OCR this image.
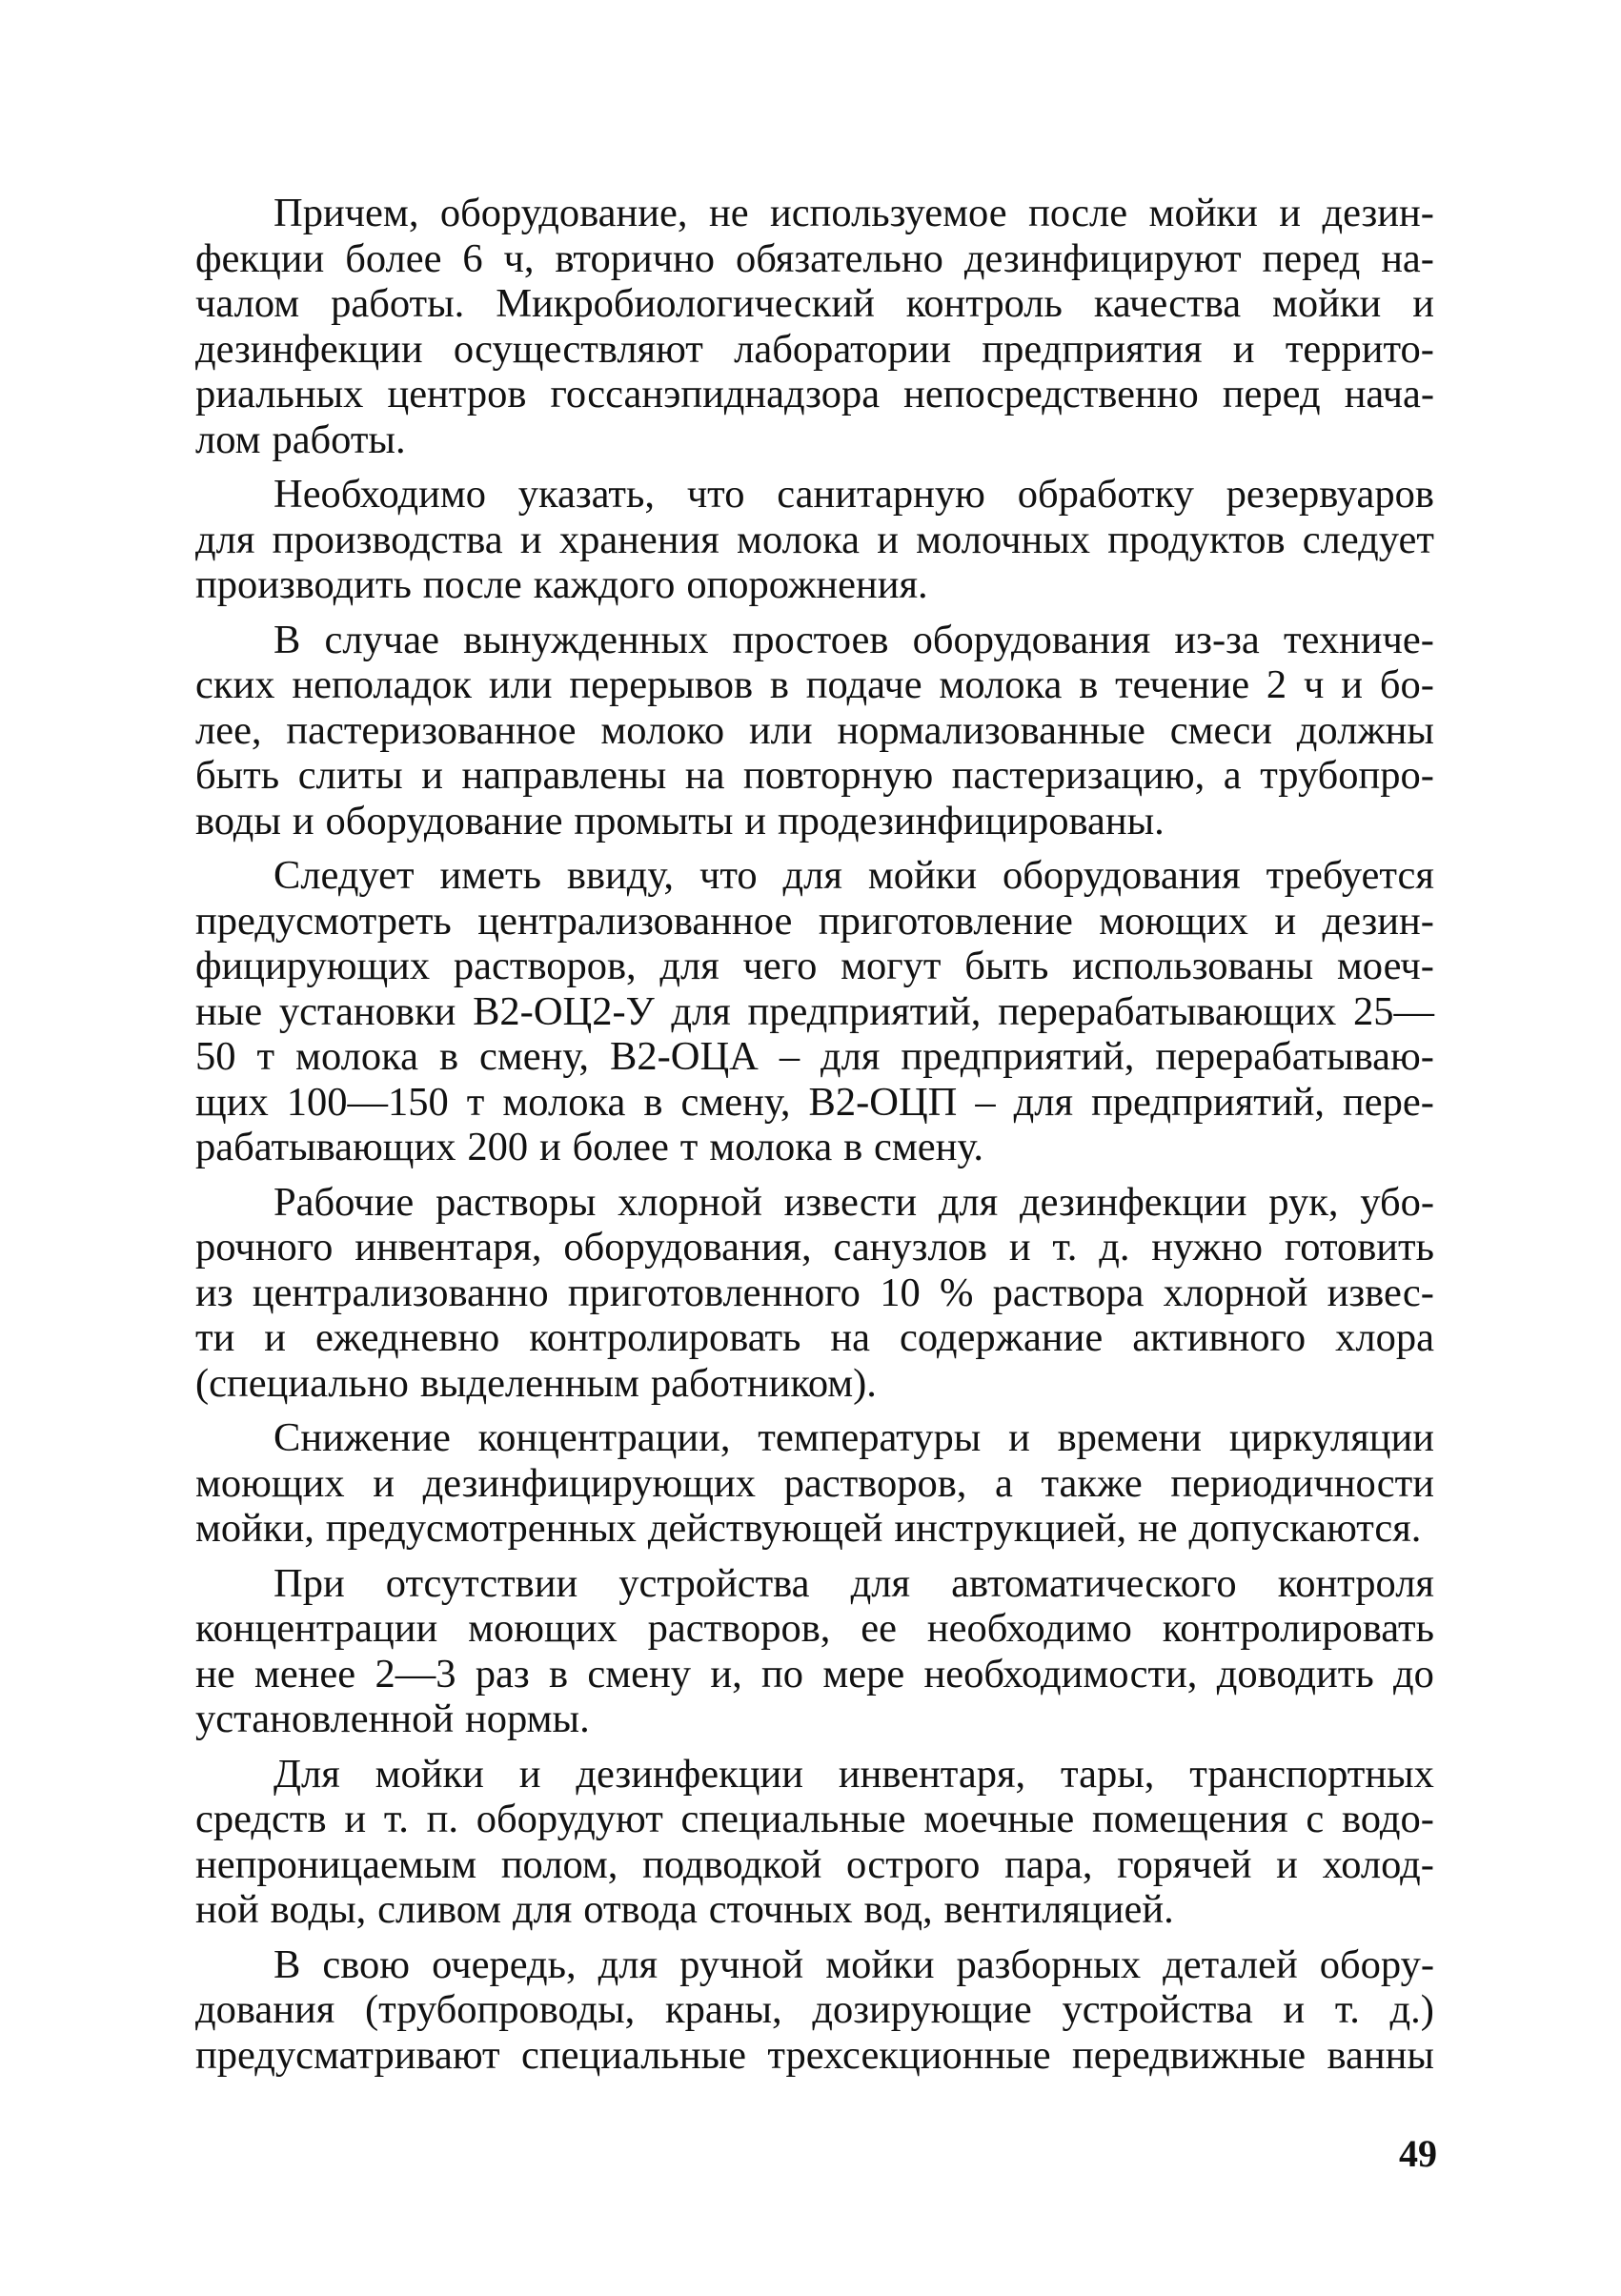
Причем, оборудование, не используемое после мойки и дезин-
фекции более 6 ч, вторично обязательно дезинфицируют перед на-
чалом работы. Микробиологический контроль качества мойки и
дезинфекции осуществляют лаборатории предприятия и террито-
риальных центров госсанэпиднадзора непосредственно перед нача-
лом работы.
Необходимо указать, что санитарную обработку резервуаров
для производства и хранения молока и молочных продуктов следует
производить после каждого опорожнения.
В случае вынужденных простоев оборудования из-за техниче-
ских неполадок или перерывов в подаче молока в течение 2 ч и бо-
лее, пастеризованное молоко или нормализованные смеси должны
быть слиты и направлены на повторную пастеризацию, а трубопро-
воды и оборудование промыты и продезинфицированы.
Следует иметь ввиду, что для мойки оборудования требуется
предусмотреть централизованное приготовление моющих и дезин-
фицирующих растворов, для чего могут быть использованы моеч-
ные установки В2-ОЦ2-У для предприятий, перерабатывающих 25—
50 т молока в смену, В2-ОЦА – для предприятий, перерабатываю-
щих 100—150 т молока в смену, В2-ОЦП – для предприятий, пере-
рабатывающих 200 и более т молока в смену.
Рабочие растворы хлорной извести для дезинфекции рук, убо-
рочного инвентаря, оборудования, санузлов и т. д. нужно готовить
из централизованно приготовленного 10 % раствора хлорной извес-
ти и ежедневно контролировать на содержание активного хлора
(специально выделенным работником).
Снижение концентрации, температуры и времени циркуляции
моющих и дезинфицирующих растворов, а также периодичности
мойки, предусмотренных действующей инструкцией, не допускаются.
При отсутствии устройства для автоматического контроля
концентрации моющих растворов, ее необходимо контролировать
не менее 2—3 раз в смену и, по мере необходимости, доводить до
установленной нормы.
Для мойки и дезинфекции инвентаря, тары, транспортных
средств и т. п. оборудуют специальные моечные помещения с водо-
непроницаемым полом, подводкой острого пара, горячей и холод-
ной воды, сливом для отвода сточных вод, вентиляцией.
В свою очередь, для ручной мойки разборных деталей обору-
дования (трубопроводы, краны, дозирующие устройства и т. д.)
предусматривают специальные трехсекционные передвижные ванны
49
